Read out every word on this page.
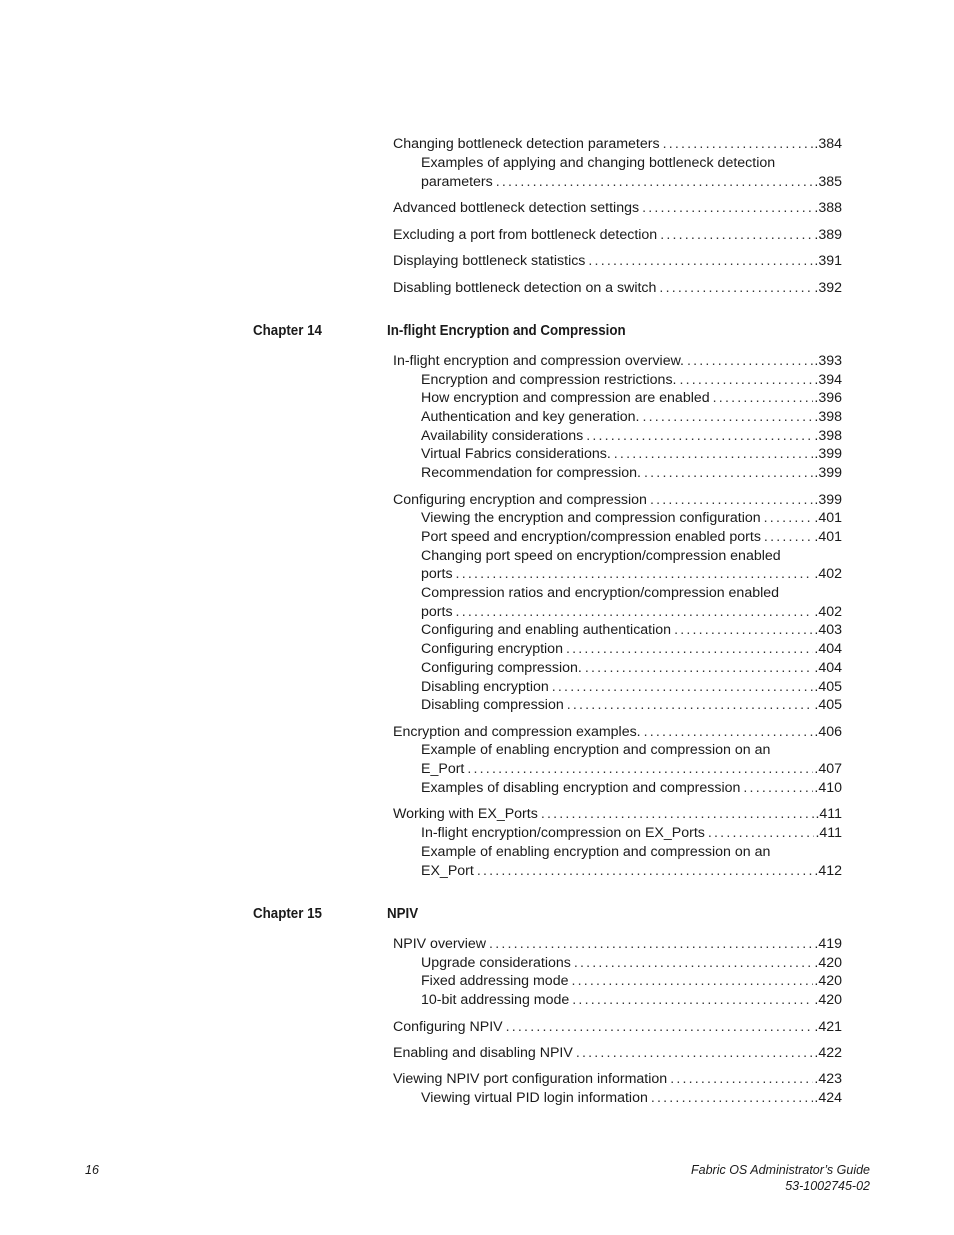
Changing bottleneck detection parameters .....	.384
Examples of applying and changing bottleneck detection
parameters .....	.385
Advanced bottleneck detection settings .....	.388
Excluding a port from bottleneck detection .....	.389
Displaying bottleneck statistics .....	.391
Disabling bottleneck detection on a switch .....	.392
Chapter 14	In-flight Encryption and Compression
In-flight encryption and compression overview. .....	.393
Encryption and compression restrictions. .....	.394
How encryption and compression are enabled .....	.396
Authentication and key generation. .....	.398
Availability considerations .....	.398
Virtual Fabrics considerations. .....	.399
Recommendation for compression. .....	.399
Configuring encryption and compression .....	.399
Viewing the encryption and compression configuration .....	.401
Port speed and encryption/compression enabled ports .....	.401
Changing port speed on encryption/compression enabled
ports .....	.402
Compression ratios and encryption/compression enabled
ports .....	.402
Configuring and enabling authentication .....	.403
Configuring encryption .....	.404
Configuring compression. .....	.404
Disabling encryption .....	.405
Disabling compression .....	.405
Encryption and compression examples. .....	.406
Example of enabling encryption and compression on an
E_Port .....	.407
Examples of disabling encryption and compression .....	.410
Working with EX_Ports .....	.411
In-flight encryption/compression on EX_Ports .....	.411
Example of enabling encryption and compression on an
EX_Port .....	.412
Chapter 15	NPIV
NPIV overview .....	.419
Upgrade considerations .....	.420
Fixed addressing mode .....	.420
10-bit addressing mode .....	.420
Configuring NPIV .....	.421
Enabling and disabling NPIV .....	.422
Viewing NPIV port configuration information .....	.423
Viewing virtual PID login information .....	.424
16	Fabric OS Administrator’s Guide
53-1002745-02
